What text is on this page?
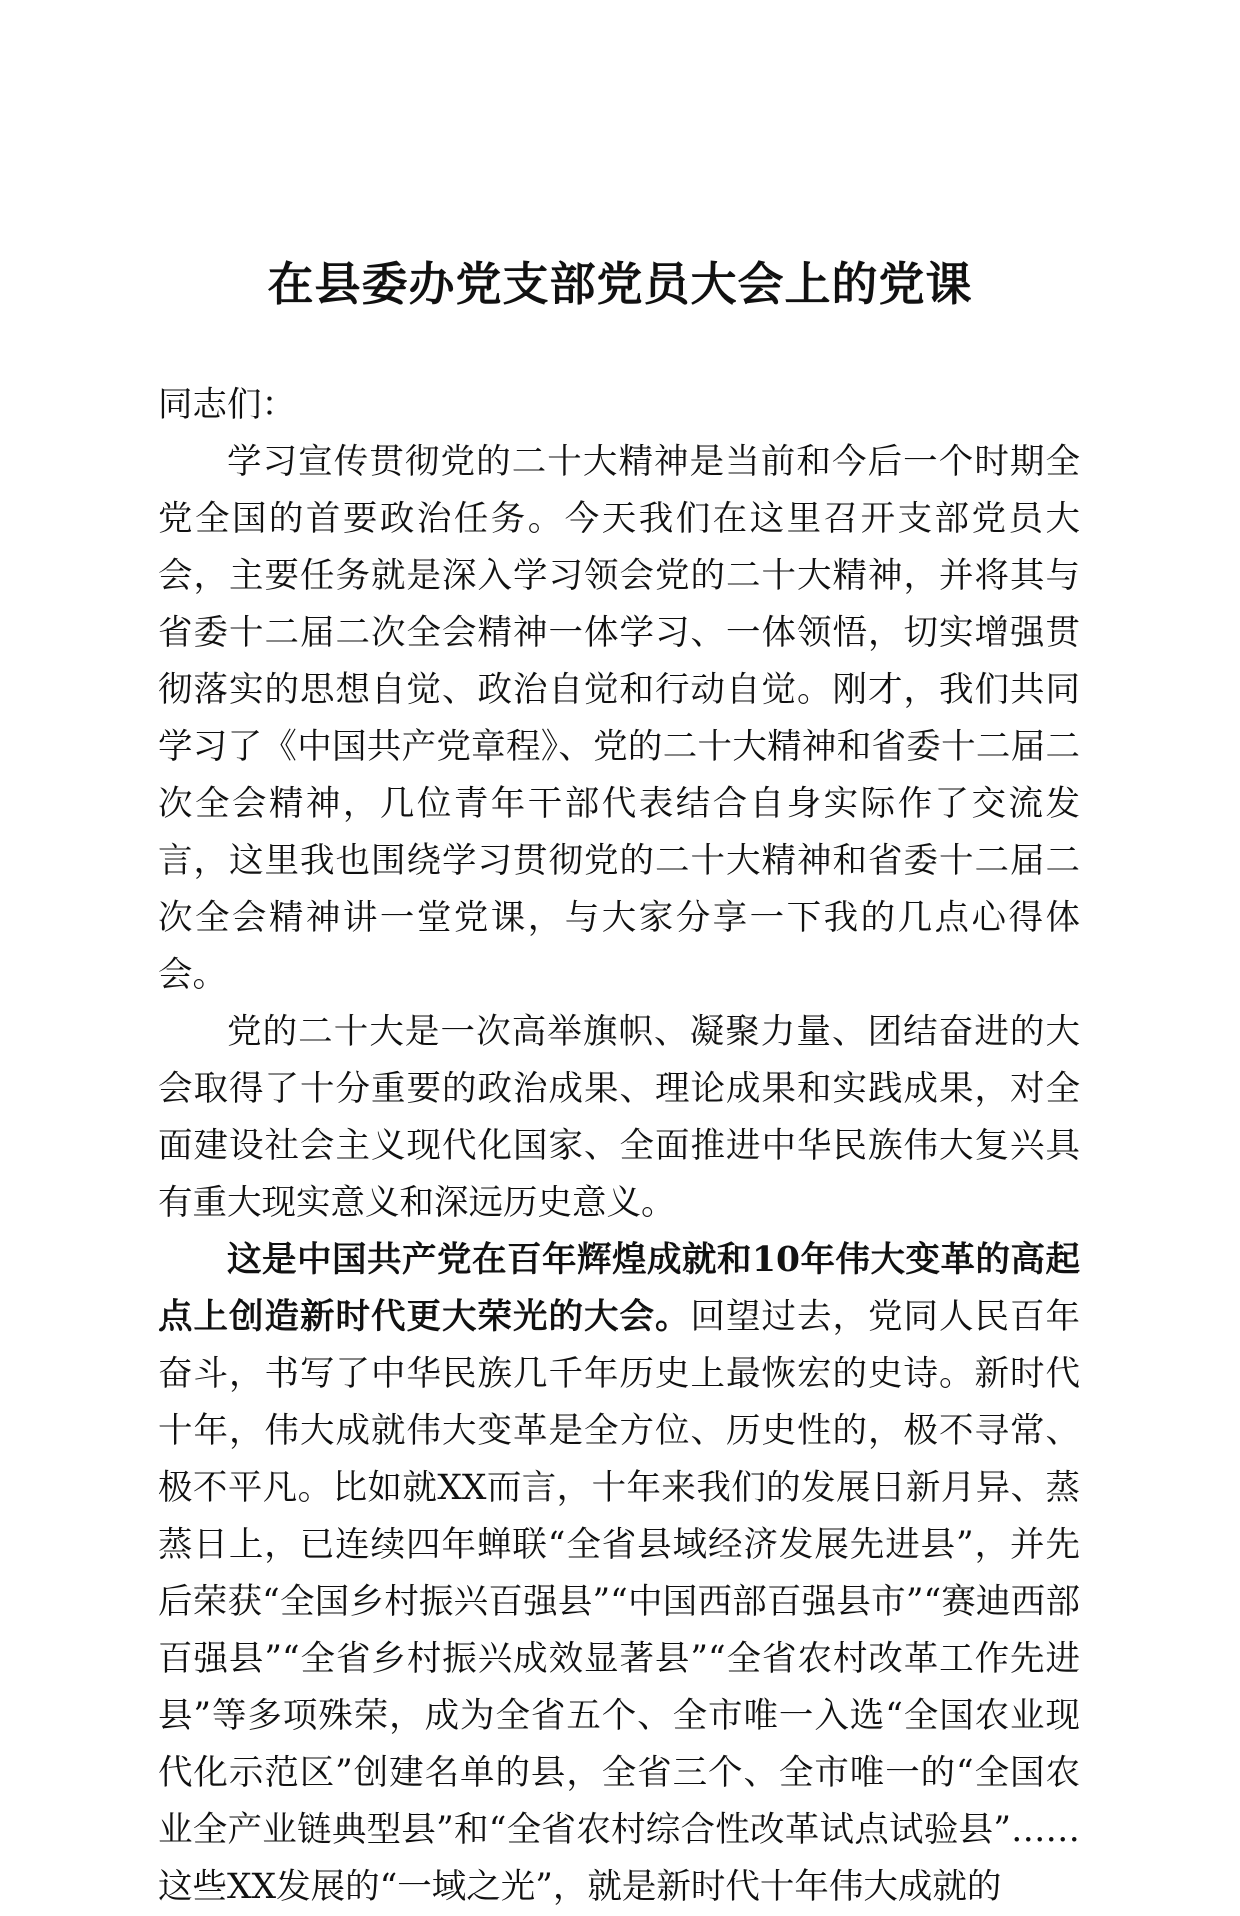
在县委办党支部党员大会上的党课

同志们：

学习宣传贯彻党的二十大精神是当前和今后一个时期全党全国的首要政治任务。今天我们在这里召开支部党员大会，主要任务就是深入学习领会党的二十大精神，并将其与省委十二届二次全会精神一体学习、一体领悟，切实增强贯彻落实的思想自觉、政治自觉和行动自觉。刚才，我们共同学习了《中国共产党章程》、党的二十大精神和省委十二届二次全会精神，几位青年干部代表结合自身实际作了交流发言，这里我也围绕学习贯彻党的二十大精神和省委十二届二次全会精神讲一堂党课，与大家分享一下我的几点心得体会。

党的二十大是一次高举旗帜、凝聚力量、团结奋进的大会取得了十分重要的政治成果、理论成果和实践成果，对全面建设社会主义现代化国家、全面推进中华民族伟大复兴具有重大现实意义和深远历史意义。

这是中国共产党在百年辉煌成就和10年伟大变革的高起点上创造新时代更大荣光的大会。回望过去，党同人民百年奋斗，书写了中华民族几千年历史上最恢宏的史诗。新时代十年，伟大成就伟大变革是全方位、历史性的，极不寻常、极不平凡。比如就XX而言，十年来我们的发展日新月异、蒸蒸日上，已连续四年蝉联“全省县域经济发展先进县”，并先后荣获“全国乡村振兴百强县”“中国西部百强县市”“赛迪西部百强县”“全省乡村振兴成效显著县”“全省农村改革工作先进县”等多项殊荣，成为全省五个、全市唯一入选“全国农业现代化示范区”创建名单的县，全省三个、全市唯一的“全国农业全产业链典型县”和“全省农村综合性改革试点试验县”……这些XX发展的“一域之光”，就是新时代十年伟大成就的
